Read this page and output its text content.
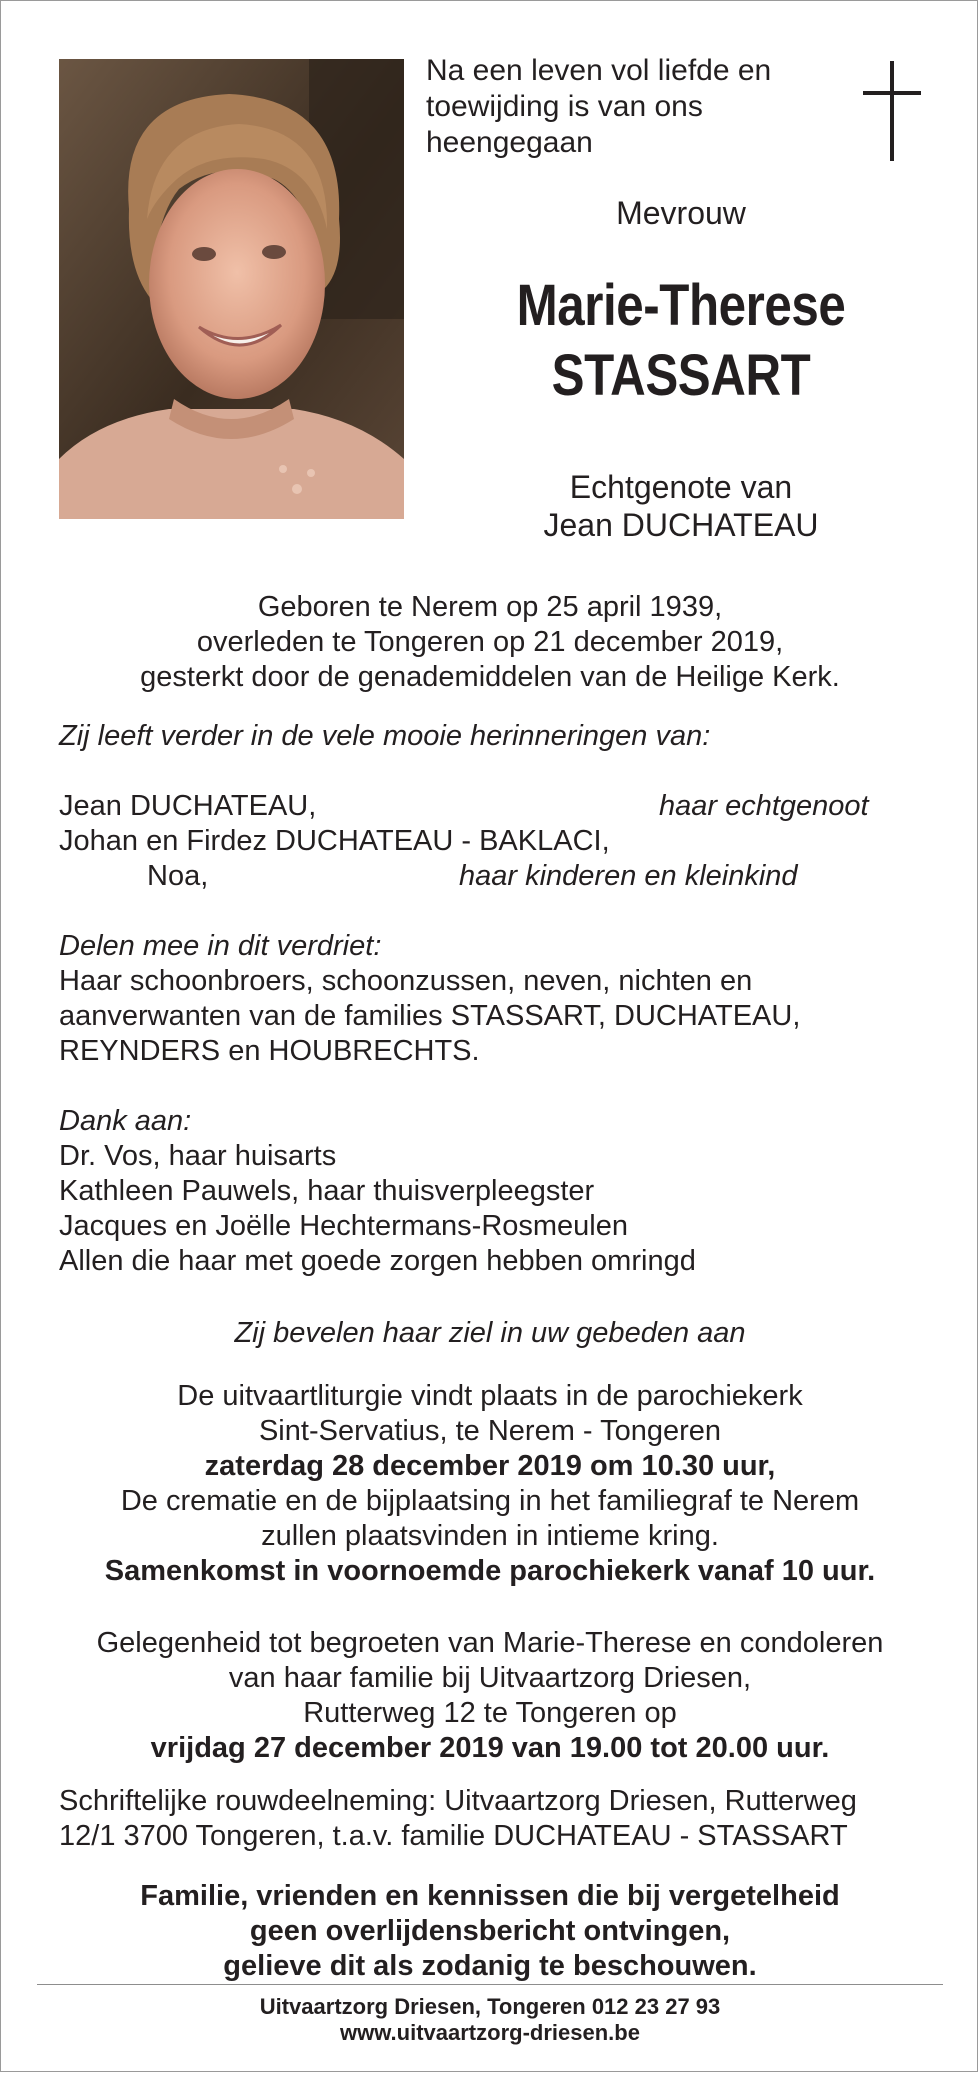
Na een leven vol liefde en
toewijding is van ons
heengegaan
Mevrouw
Marie-Therese
STASSART
Echtgenote van
Jean DUCHATEAU
Geboren te Nerem op 25 april 1939,
overleden te Tongeren op 21 december 2019,
gesterkt door de genademiddelen van de Heilige Kerk.
Zij leeft verder in de vele mooie herinneringen van:
Jean DUCHATEAU,	haar echtgenoot
Johan en Firdez DUCHATEAU - BAKLACI,
Noa,	haar kinderen en kleinkind
Delen mee in dit verdriet:
Haar schoonbroers, schoonzussen, neven, nichten en
aanverwanten van de families STASSART, DUCHATEAU,
REYNDERS en HOUBRECHTS.
Dank aan:
Dr. Vos, haar huisarts
Kathleen Pauwels, haar thuisverpleegster
Jacques en Joëlle Hechtermans-Rosmeulen
Allen die haar met goede zorgen hebben omringd
Zij bevelen haar ziel in uw gebeden aan
De uitvaartliturgie vindt plaats in de parochiekerk
Sint-Servatius, te Nerem - Tongeren
zaterdag 28 december 2019 om 10.30 uur,
De crematie en de bijplaatsing in het familiegraf te Nerem
zullen plaatsvinden in intieme kring.
Samenkomst in voornoemde parochiekerk vanaf 10 uur.
Gelegenheid tot begroeten van Marie-Therese en condoleren
van haar familie bij Uitvaartzorg Driesen,
Rutterweg 12 te Tongeren op
vrijdag 27 december 2019 van 19.00 tot 20.00 uur.
Schriftelijke rouwdeelneming: Uitvaartzorg Driesen, Rutterweg
12/1 3700 Tongeren, t.a.v. familie DUCHATEAU - STASSART
Familie, vrienden en kennissen die bij vergetelheid
geen overlijdensbericht ontvingen,
gelieve dit als zodanig te beschouwen.
Uitvaartzorg Driesen, Tongeren 012 23 27 93
www.uitvaartzorg-driesen.be
